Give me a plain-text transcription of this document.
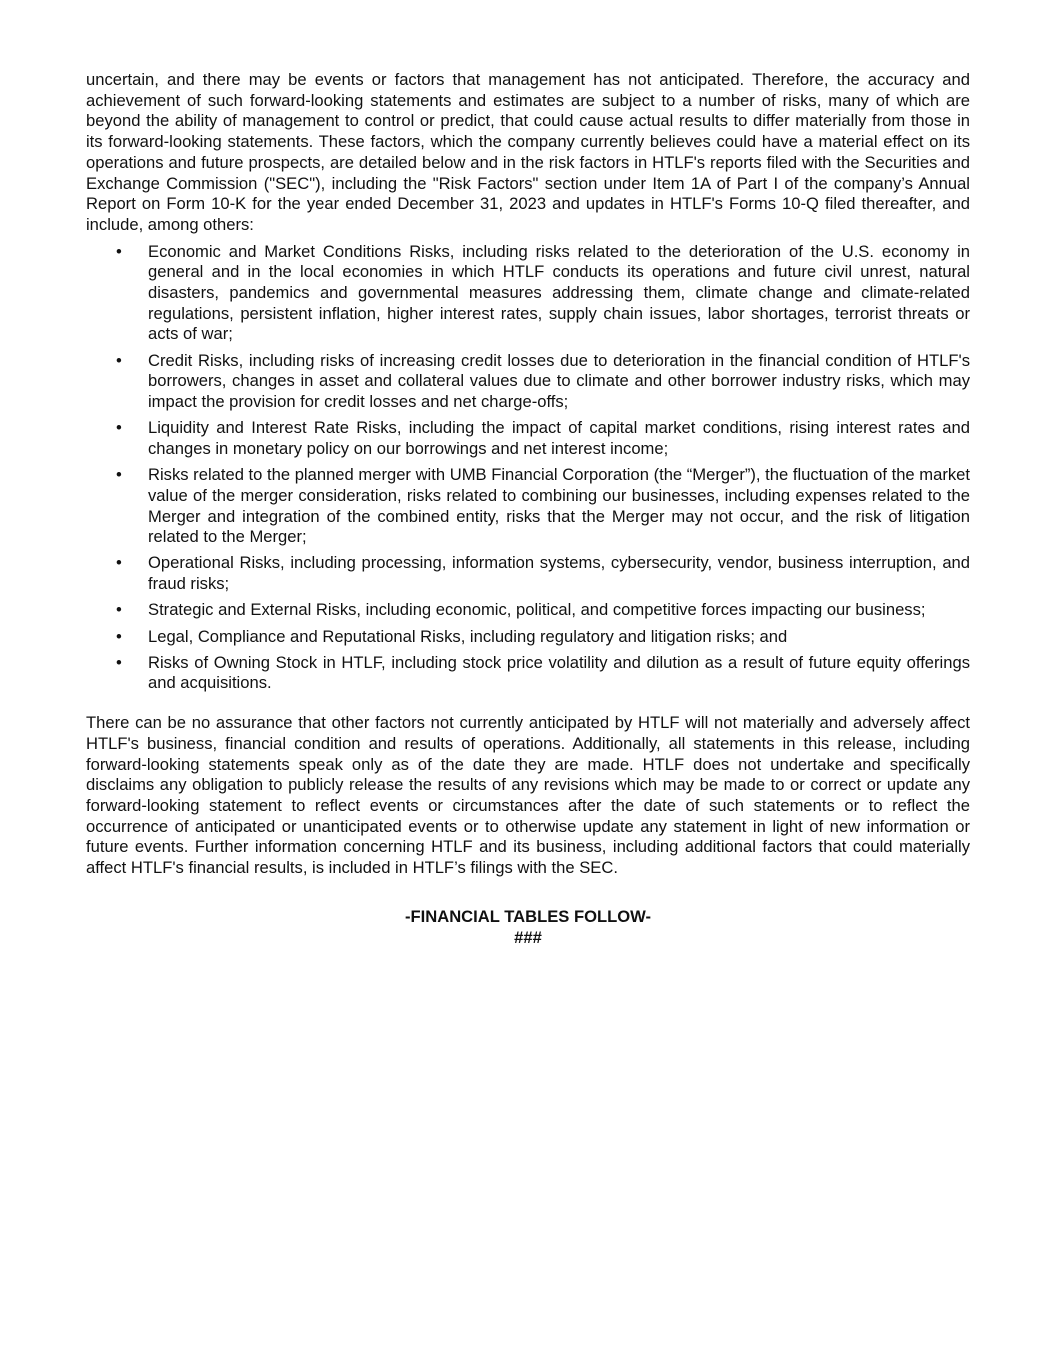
uncertain, and there may be events or factors that management has not anticipated. Therefore, the accuracy and achievement of such forward-looking statements and estimates are subject to a number of risks, many of which are beyond the ability of management to control or predict, that could cause actual results to differ materially from those in its forward-looking statements. These factors, which the company currently believes could have a material effect on its operations and future prospects, are detailed below and in the risk factors in HTLF's reports filed with the Securities and Exchange Commission ("SEC"), including the "Risk Factors" section under Item 1A of Part I of the company’s Annual Report on Form 10-K for the year ended December 31, 2023 and updates in HTLF's Forms 10-Q filed thereafter, and include, among others:

• Economic and Market Conditions Risks, including risks related to the deterioration of the U.S. economy in general and in the local economies in which HTLF conducts its operations and future civil unrest, natural disasters, pandemics and governmental measures addressing them, climate change and climate-related regulations, persistent inflation, higher interest rates, supply chain issues, labor shortages, terrorist threats or acts of war;
• Credit Risks, including risks of increasing credit losses due to deterioration in the financial condition of HTLF's borrowers, changes in asset and collateral values due to climate and other borrower industry risks, which may impact the provision for credit losses and net charge-offs;
• Liquidity and Interest Rate Risks, including the impact of capital market conditions, rising interest rates and changes in monetary policy on our borrowings and net interest income;
• Risks related to the planned merger with UMB Financial Corporation (the “Merger”), the fluctuation of the market value of the merger consideration, risks related to combining our businesses, including expenses related to the Merger and integration of the combined entity, risks that the Merger may not occur, and the risk of litigation related to the Merger;
• Operational Risks, including processing, information systems, cybersecurity, vendor, business interruption, and fraud risks;
• Strategic and External Risks, including economic, political, and competitive forces impacting our business;
• Legal, Compliance and Reputational Risks, including regulatory and litigation risks; and
• Risks of Owning Stock in HTLF, including stock price volatility and dilution as a result of future equity offerings and acquisitions.

There can be no assurance that other factors not currently anticipated by HTLF will not materially and adversely affect HTLF's business, financial condition and results of operations. Additionally, all statements in this release, including forward-looking statements speak only as of the date they are made. HTLF does not undertake and specifically disclaims any obligation to publicly release the results of any revisions which may be made to or correct or update any forward-looking statement to reflect events or circumstances after the date of such statements or to reflect the occurrence of anticipated or unanticipated events or to otherwise update any statement in light of new information or future events. Further information concerning HTLF and its business, including additional factors that could materially affect HTLF's financial results, is included in HTLF’s filings with the SEC.

-FINANCIAL TABLES FOLLOW-
###
